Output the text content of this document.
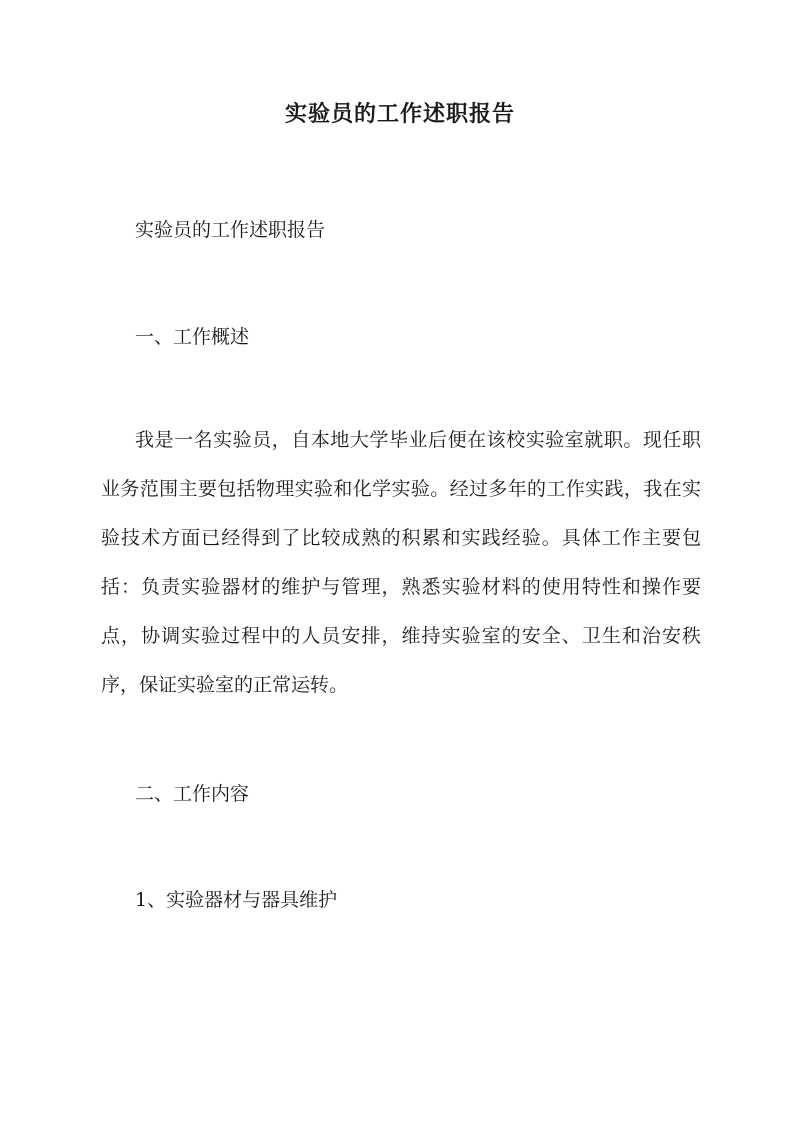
实验员的工作述职报告
实验员的工作述职报告
一、工作概述
我是一名实验员，自本地大学毕业后便在该校实验室就职。现任职业务范围主要包括物理实验和化学实验。经过多年的工作实践，我在实验技术方面已经得到了比较成熟的积累和实践经验。具体工作主要包括：负责实验器材的维护与管理，熟悉实验材料的使用特性和操作要点，协调实验过程中的人员安排，维持实验室的安全、卫生和治安秩序，保证实验室的正常运转。
二、工作内容
1、实验器材与器具维护
